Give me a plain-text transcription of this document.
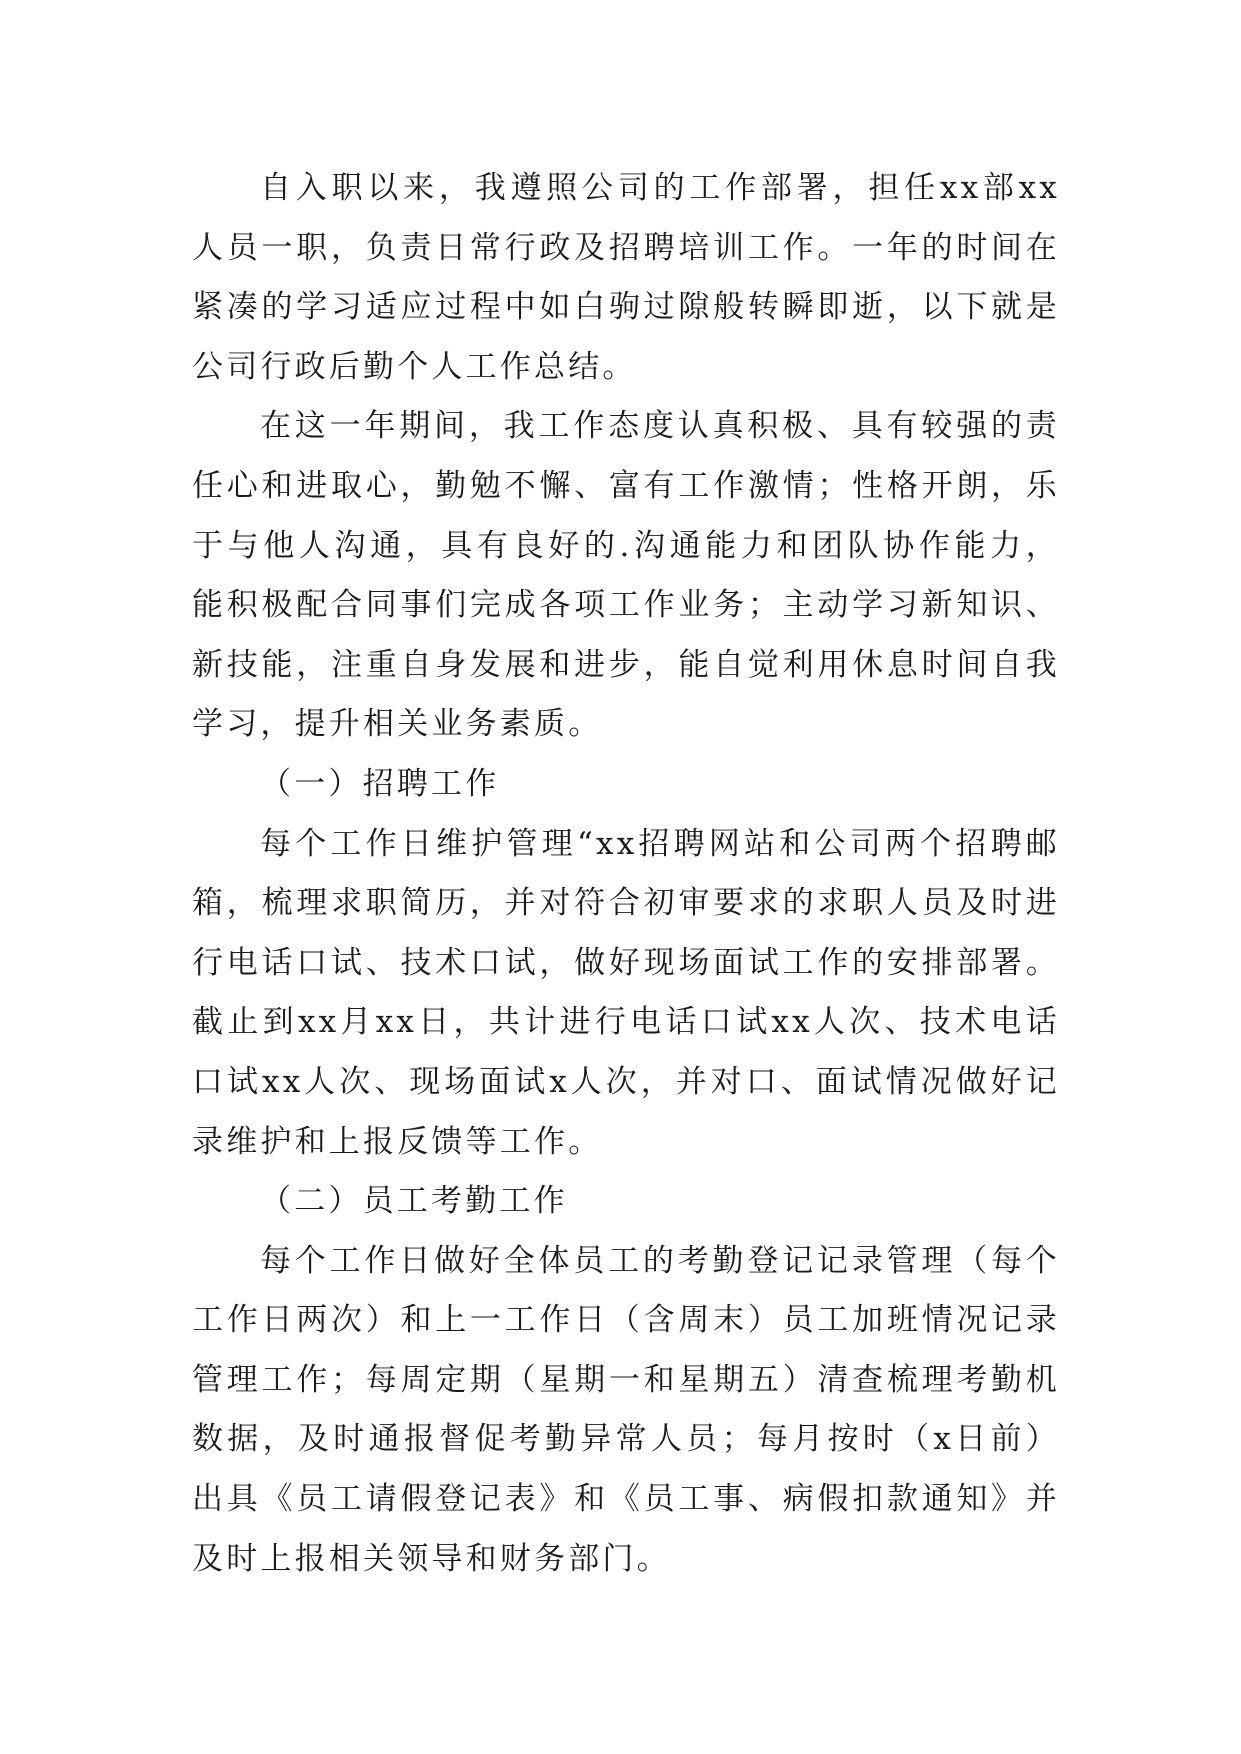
自入职以来，我遵照公司的工作部署，担任xx部xx人员一职，负责日常行政及招聘培训工作。一年的时间在紧凑的学习适应过程中如白驹过隙般转瞬即逝，以下就是公司行政后勤个人工作总结。

在这一年期间，我工作态度认真积极、具有较强的责任心和进取心，勤勉不懈、富有工作激情；性格开朗，乐于与他人沟通，具有良好的.沟通能力和团队协作能力，能积极配合同事们完成各项工作业务；主动学习新知识、新技能，注重自身发展和进步，能自觉利用休息时间自我学习，提升相关业务素质。

（一）招聘工作

每个工作日维护管理“xx招聘网站和公司两个招聘邮箱，梳理求职简历，并对符合初审要求的求职人员及时进行电话口试、技术口试，做好现场面试工作的安排部署。截止到xx月xx日，共计进行电话口试xx人次、技术电话口试xx人次、现场面试x人次，并对口、面试情况做好记录维护和上报反馈等工作。

（二）员工考勤工作

每个工作日做好全体员工的考勤登记记录管理（每个工作日两次）和上一工作日（含周末）员工加班情况记录管理工作；每周定期（星期一和星期五）清查梳理考勤机数据，及时通报督促考勤异常人员；每月按时（x日前）出具《员工请假登记表》和《员工事、病假扣款通知》并及时上报相关领导和财务部门。
